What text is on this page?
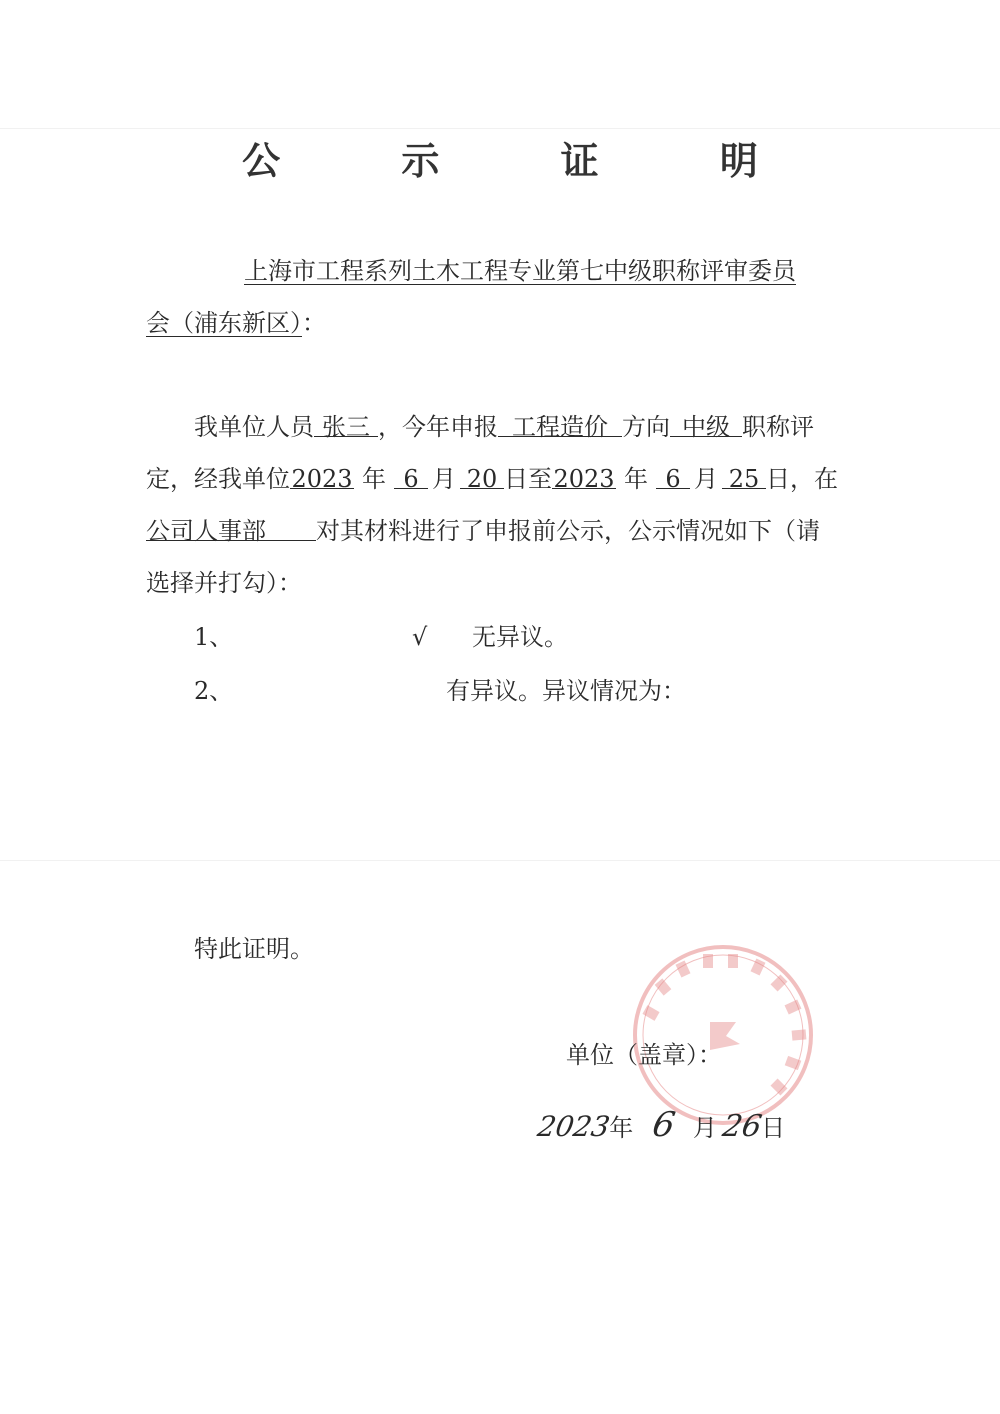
公 示 证 明
上海市工程系列土木工程专业第七中级职称评审委员
会（浦东新区）：
我单位人员 张三 ，今年申报 工程造价 方向 中级 职称评
定，经我单位2023 年 6 月 20 日至2023 年 6 月 25 日，在
公司人事部 对其材料进行了申报前公示，公示情况如下（请
选择并打勾）：
1、	√ 无异议。
2、	有异议。异议情况为：
特此证明。
单位（盖章）：
2023年 6 月 26日
